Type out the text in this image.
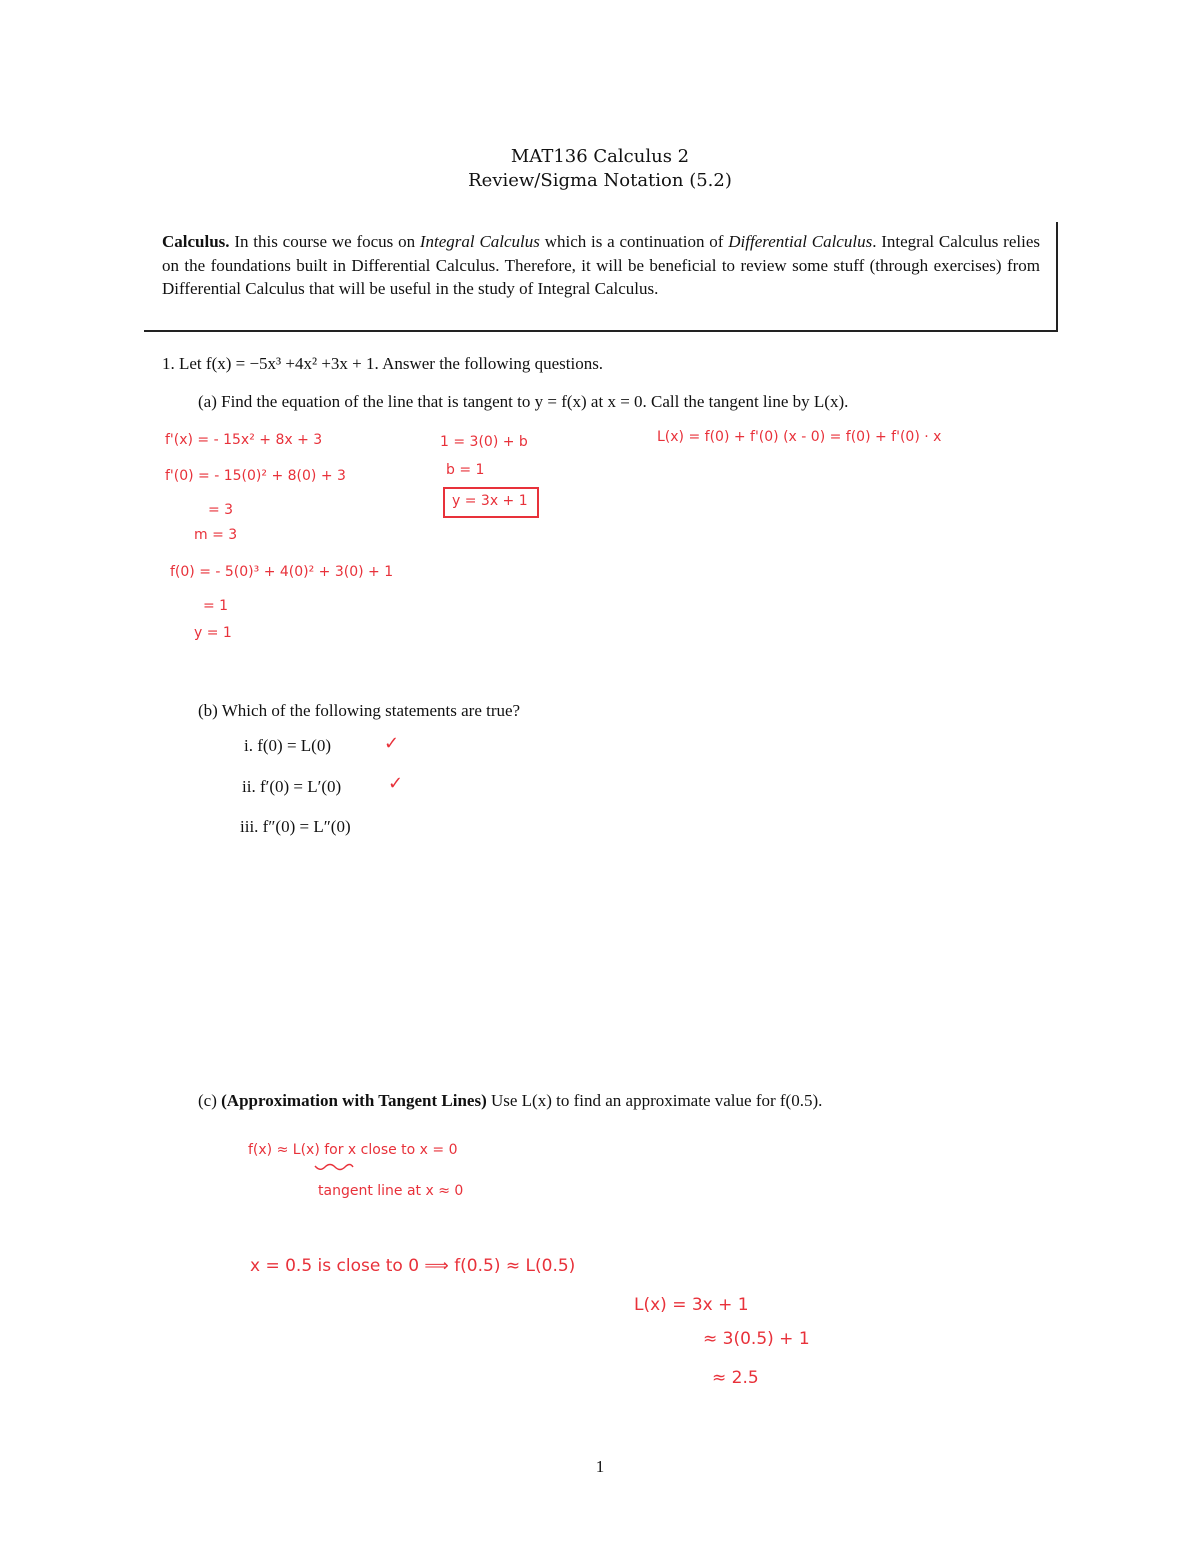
MAT136 Calculus 2
Review/Sigma Notation (5.2)
Calculus. In this course we focus on Integral Calculus which is a continuation of Differential Calculus. Integral Calculus relies on the foundations built in Differential Calculus. Therefore, it will be beneficial to review some stuff (through exercises) from Differential Calculus that will be useful in the study of Integral Calculus.
1. Let f(x) = −5x³ +4x² +3x + 1. Answer the following questions.
(a) Find the equation of the line that is tangent to y = f(x) at x = 0. Call the tangent line by L(x).
f'(x) = - 15x² + 8x + 3
f'(0) = - 15(0)² + 8(0) + 3
= 3
m = 3
f(0) = - 5(0)³ + 4(0)² + 3(0) + 1
= 1
y = 1
1 = 3(0) + b
b = 1
y = 3x + 1
L(x) = f(0) + f'(0) (x - 0) = f(0) + f'(0) · x
(b) Which of the following statements are true?
i. f(0) = L(0)	✓
ii. f′(0) = L′(0)	✓
iii. f″(0) = L″(0)
(c) (Approximation with Tangent Lines) Use L(x) to find an approximate value for f(0.5).
f(x) ≈ L(x) for x close to x = 0
tangent line at x ≈ 0
x = 0.5 is close to 0 ⟹ f(0.5) ≈ L(0.5)
L(x) = 3x + 1
≈ 3(0.5) + 1
≈ 2.5
1
